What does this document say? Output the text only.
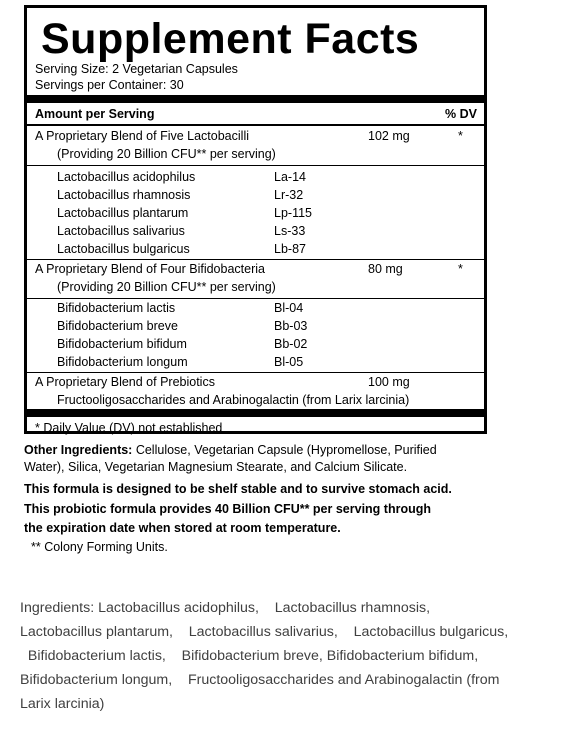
Supplement Facts
Serving Size: 2 Vegetarian Capsules
Servings per Container: 30
Amount per Serving	% DV
A Proprietary Blend of Five Lactobacilli	102 mg	*
(Providing 20 Billion CFU** per serving)
Lactobacillus acidophilus	La-14
Lactobacillus rhamnosis	Lr-32
Lactobacillus plantarum	Lp-115
Lactobacillus salivarius	Ls-33
Lactobacillus bulgaricus	Lb-87
A Proprietary Blend of Four Bifidobacteria	80 mg	*
(Providing 20 Billion CFU** per serving)
Bifidobacterium lactis	Bl-04
Bifidobacterium breve	Bb-03
Bifidobacterium bifidum	Bb-02
Bifidobacterium longum	Bl-05
A Proprietary Blend of Prebiotics	100 mg
Fructooligosaccharides and Arabinogalactin (from Larix larcinia)
* Daily Value (DV) not established
Other Ingredients: Cellulose, Vegetarian Capsule (Hypromellose, Purified
Water), Silica, Vegetarian Magnesium Stearate, and Calcium Silicate.
This formula is designed to be shelf stable and to survive stomach acid.
This probiotic formula provides 40 Billion CFU** per serving through
the expiration date when stored at room temperature.
** Colony Forming Units.
Ingredients: Lactobacillus acidophilus,    Lactobacillus rhamnosis,
Lactobacillus plantarum,    Lactobacillus salivarius,    Lactobacillus bulgaricus,
Bifidobacterium lactis,    Bifidobacterium breve, Bifidobacterium bifidum,
Bifidobacterium longum,    Fructooligosaccharides and Arabinogalactin (from
Larix larcinia)
